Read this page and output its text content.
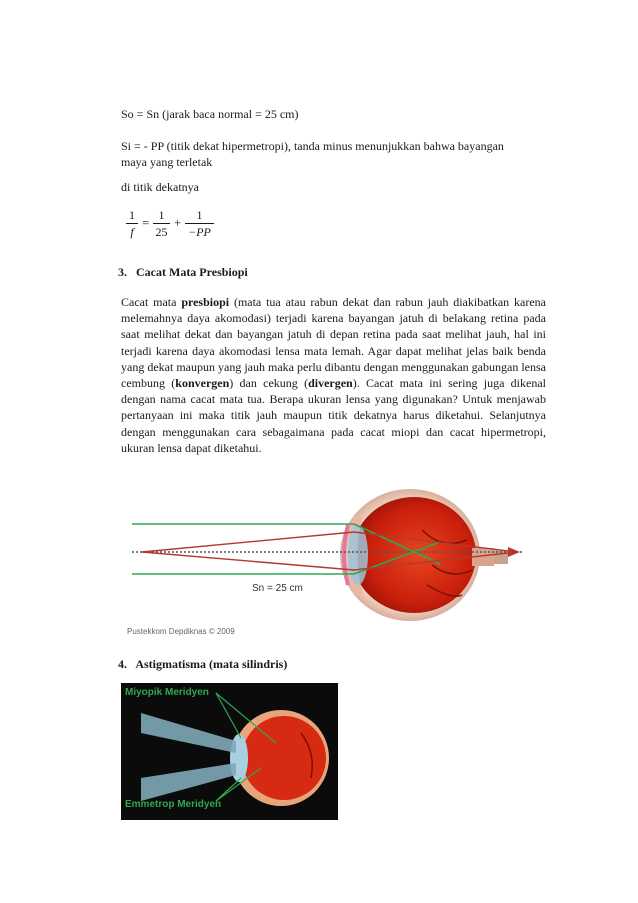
So = Sn (jarak baca normal = 25 cm)
Si = - PP (titik dekat hipermetropi), tanda minus menunjukkan bahwa bayangan
maya yang terletak
di titik dekatnya
1
f
= 1
25
+	1
−PP
3.   Cacat Mata Presbiopi
Cacat mata presbiopi (mata tua atau rabun dekat dan rabun jauh diakibatkan karena melemahnya daya akomodasi) terjadi karena bayangan jatuh di belakang retina pada saat melihat dekat dan bayangan jatuh di depan retina pada saat melihat jauh, hal ini terjadi karena daya akomodasi lensa mata lemah. Agar dapat melihat jelas baik benda yang dekat maupun yang jauh maka perlu dibantu dengan menggunakan gabungan lensa cembung (konvergen) dan cekung (divergen). Cacat mata ini sering juga dikenal dengan nama cacat mata tua. Berapa ukuran lensa yang digunakan? Untuk menjawab pertanyaan ini maka titik jauh maupun titik dekatnya harus diketahui. Selanjutnya dengan menggunakan cara sebagaimana pada cacat miopi dan cacat hipermetropi, ukuran lensa dapat diketahui.
Sn = 25 cm
Pustekkom Depdiknas © 2009
4.   Astigmatisma (mata silindris)
Miyopik Meridyen
Emmetrop Meridyen
